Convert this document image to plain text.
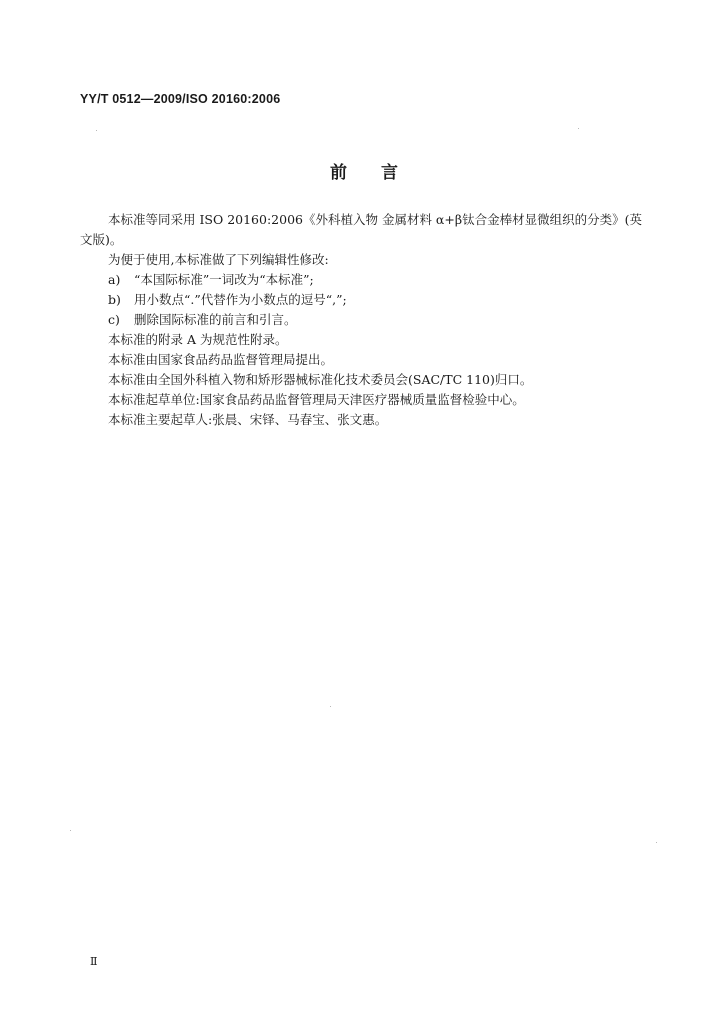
YY/T 0512—2009/ISO 20160:2006
前言

本标准等同采用 ISO 20160:2006《外科植入物 金属材料 α+β钛合金棒材显微组织的分类》(英

文版)。

为便于使用,本标准做了下列编辑性修改:

a) “本国际标准”一词改为“本标准”;

b) 用小数点“.”代替作为小数点的逗号“,”;

c) 删除国际标准的前言和引言。

本标准的附录 A 为规范性附录。

本标准由国家食品药品监督管理局提出。

本标准由全国外科植入物和矫形器械标准化技术委员会(SAC/TC 110)归口。

本标准起草单位:国家食品药品监督管理局天津医疗器械质量监督检验中心。

本标准主要起草人:张晨、宋铎、马春宝、张文惠。

Ⅱ
